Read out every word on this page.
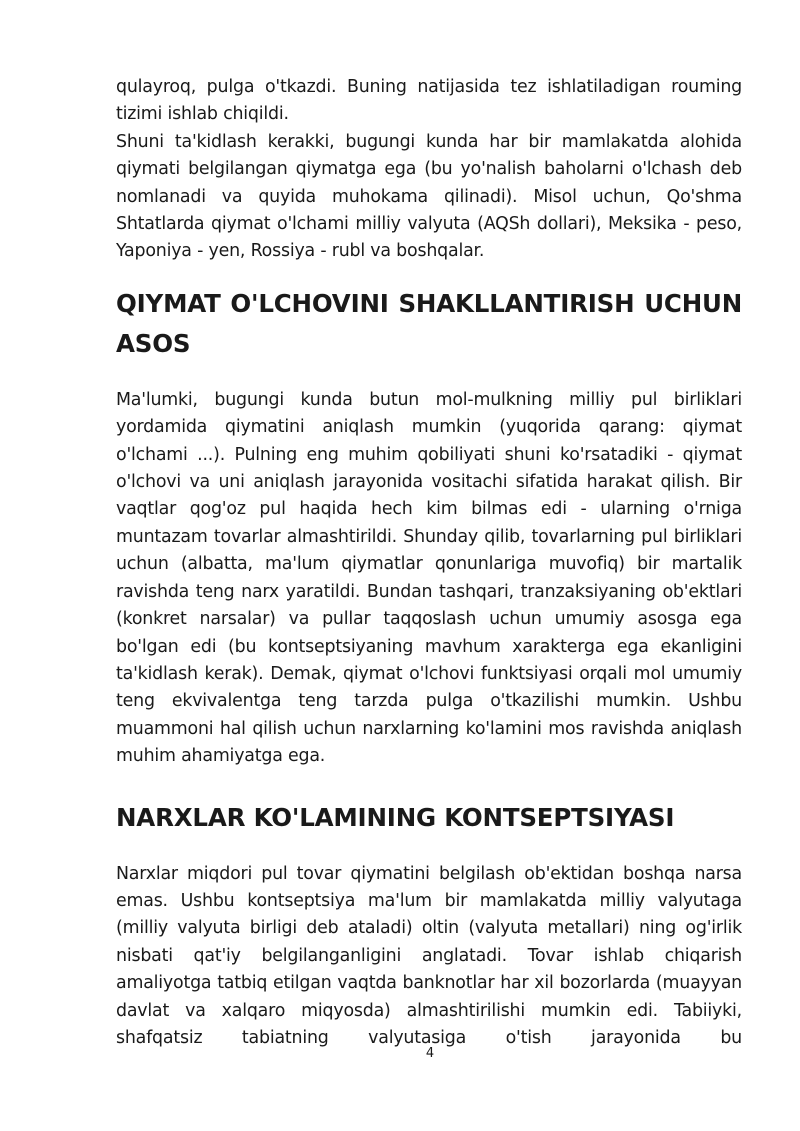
qulayroq, pulga o'tkazdi. Buning natijasida tez ishlatiladigan rouming tizimi ishlab chiqildi.

Shuni ta'kidlash kerakki, bugungi kunda har bir mamlakatda alohida qiymati belgilangan qiymatga ega (bu yo'nalish baholarni o'lchash deb nomlanadi va quyida muhokama qilinadi). Misol uchun, Qo'shma Shtatlarda qiymat o'lchami milliy valyuta (AQSh dollari), Meksika - peso, Yaponiya - yen, Rossiya - rubl va boshqalar.

QIYMAT O'LCHOVINI SHAKLLANTIRISH UCHUN ASOS

Ma'lumki, bugungi kunda butun mol-mulkning milliy pul birliklari yordamida qiymatini aniqlash mumkin (yuqorida qarang: qiymat o'lchami ...). Pulning eng muhim qobiliyati shuni ko'rsatadiki - qiymat o'lchovi va uni aniqlash jarayonida vositachi sifatida harakat qilish. Bir vaqtlar qog'oz pul haqida hech kim bilmas edi - ularning o'rniga muntazam tovarlar almashtirildi. Shunday qilib, tovarlarning pul birliklari uchun (albatta, ma'lum qiymatlar qonunlariga muvofiq) bir martalik ravishda teng narx yaratildi. Bundan tashqari, tranzaksiyaning ob'ektlari (konkret narsalar) va pullar taqqoslash uchun umumiy asosga ega bo'lgan edi (bu kontseptsiyaning mavhum xarakterga ega ekanligini ta'kidlash kerak). Demak, qiymat o'lchovi funktsiyasi orqali mol umumiy teng ekvivalentga teng tarzda pulga o'tkazilishi mumkin. Ushbu muammoni hal qilish uchun narxlarning ko'lamini mos ravishda aniqlash muhim ahamiyatga ega.

NARXLAR KO'LAMINING KONTSEPTSIYASI

Narxlar miqdori pul tovar qiymatini belgilash ob'ektidan boshqa narsa emas. Ushbu kontseptsiya ma'lum bir mamlakatda milliy valyutaga (milliy valyuta birligi deb ataladi) oltin (valyuta metallari) ning og'irlik nisbati qat'iy belgilanganligini anglatadi. Tovar ishlab chiqarish amaliyotga tatbiq etilgan vaqtda banknotlar har xil bozorlarda (muayyan davlat va xalqaro miqyosda) almashtirilishi mumkin edi. Tabiiyki, shafqatsiz tabiatning valyutasiga o'tish jarayonida bu

4
